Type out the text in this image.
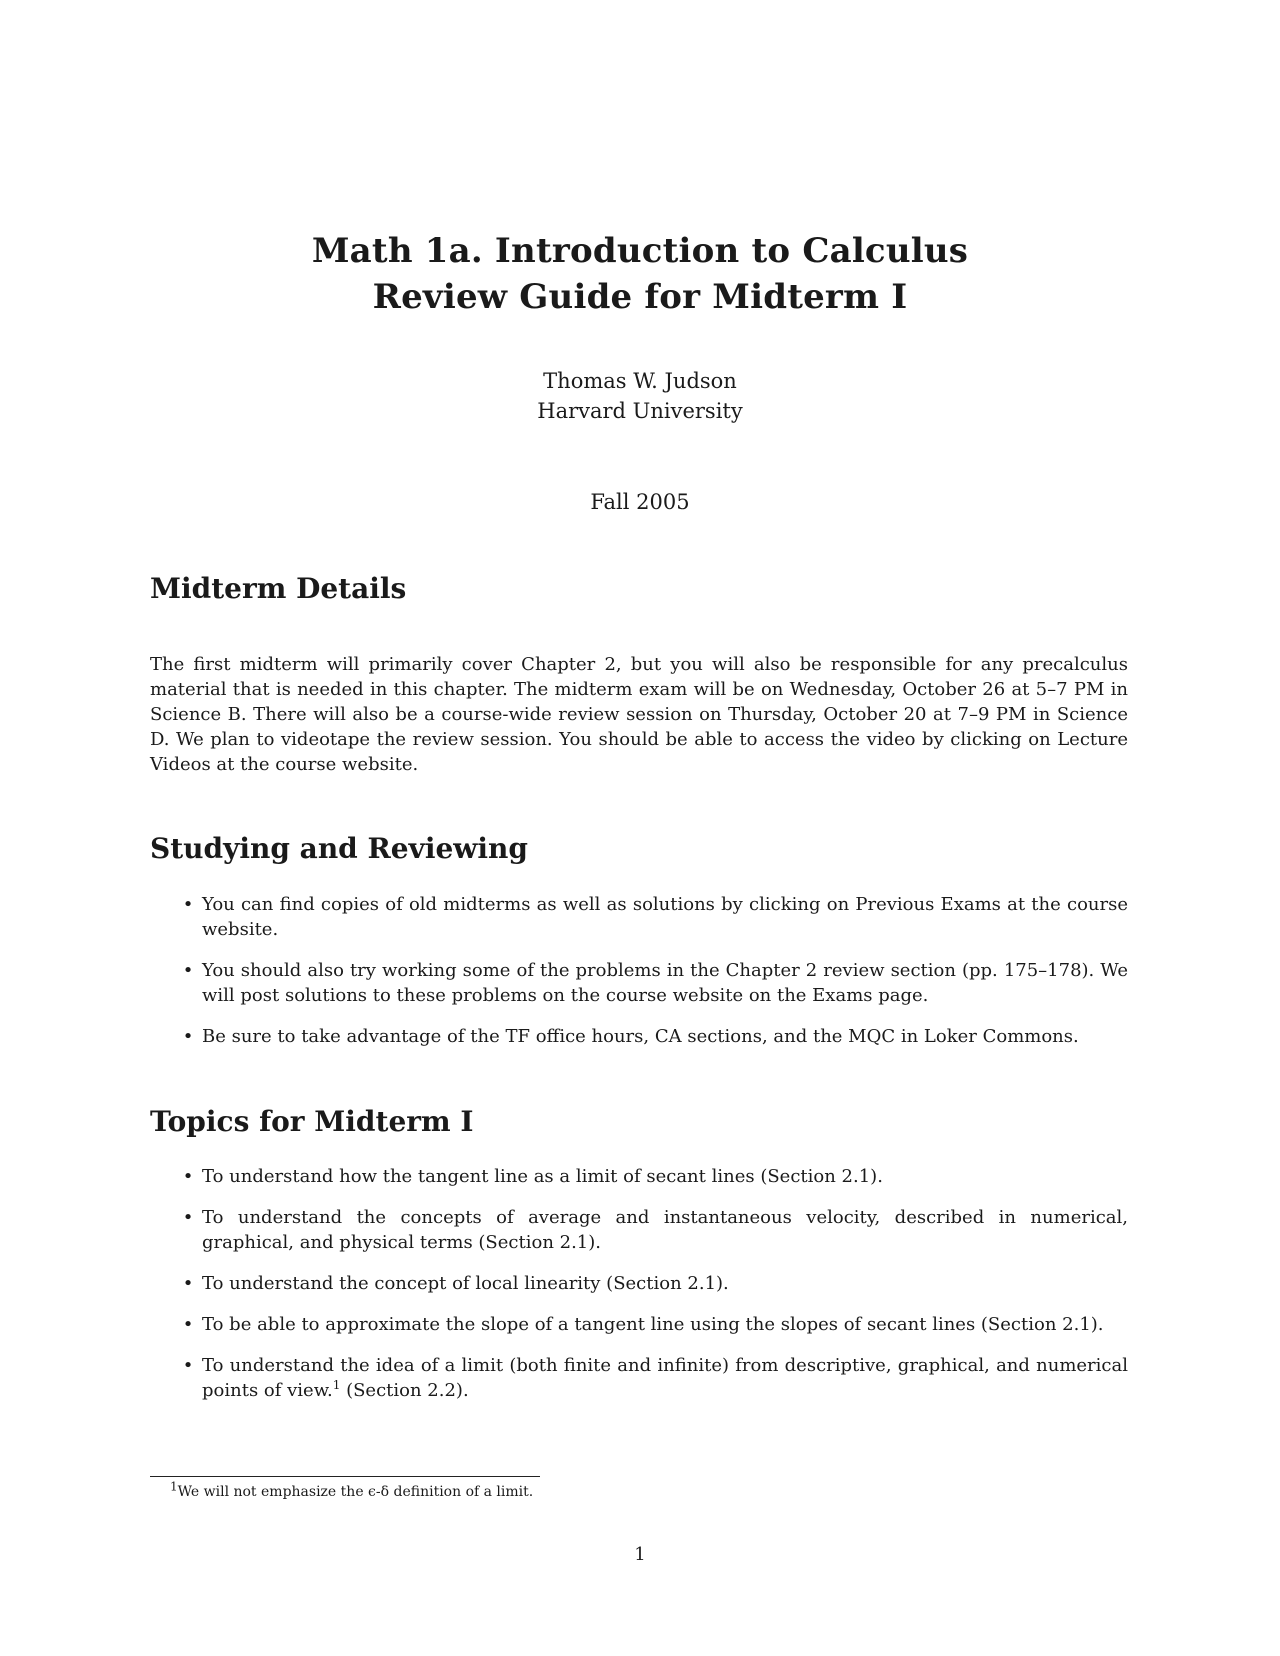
Math 1a. Introduction to Calculus
Review Guide for Midterm I
Thomas W. Judson
Harvard University
Fall 2005
Midterm Details
The first midterm will primarily cover Chapter 2, but you will also be responsible for any precalculus material that is needed in this chapter. The midterm exam will be on Wednesday, October 26 at 5–7 PM in Science B. There will also be a course-wide review session on Thursday, October 20 at 7–9 PM in Science D. We plan to videotape the review session. You should be able to access the video by clicking on Lecture Videos at the course website.
Studying and Reviewing
• You can find copies of old midterms as well as solutions by clicking on Previous Exams at the course website.
• You should also try working some of the problems in the Chapter 2 review section (pp. 175–178). We will post solutions to these problems on the course website on the Exams page.
• Be sure to take advantage of the TF office hours, CA sections, and the MQC in Loker Commons.
Topics for Midterm I
• To understand how the tangent line as a limit of secant lines (Section 2.1).
• To understand the concepts of average and instantaneous velocity, described in numerical, graphical, and physical terms (Section 2.1).
• To understand the concept of local linearity (Section 2.1).
• To be able to approximate the slope of a tangent line using the slopes of secant lines (Section 2.1).
• To understand the idea of a limit (both finite and infinite) from descriptive, graphical, and numerical points of view.$^1$ (Section 2.2).
$^1$We will not emphasize the ϵ-δ definition of a limit.
1
